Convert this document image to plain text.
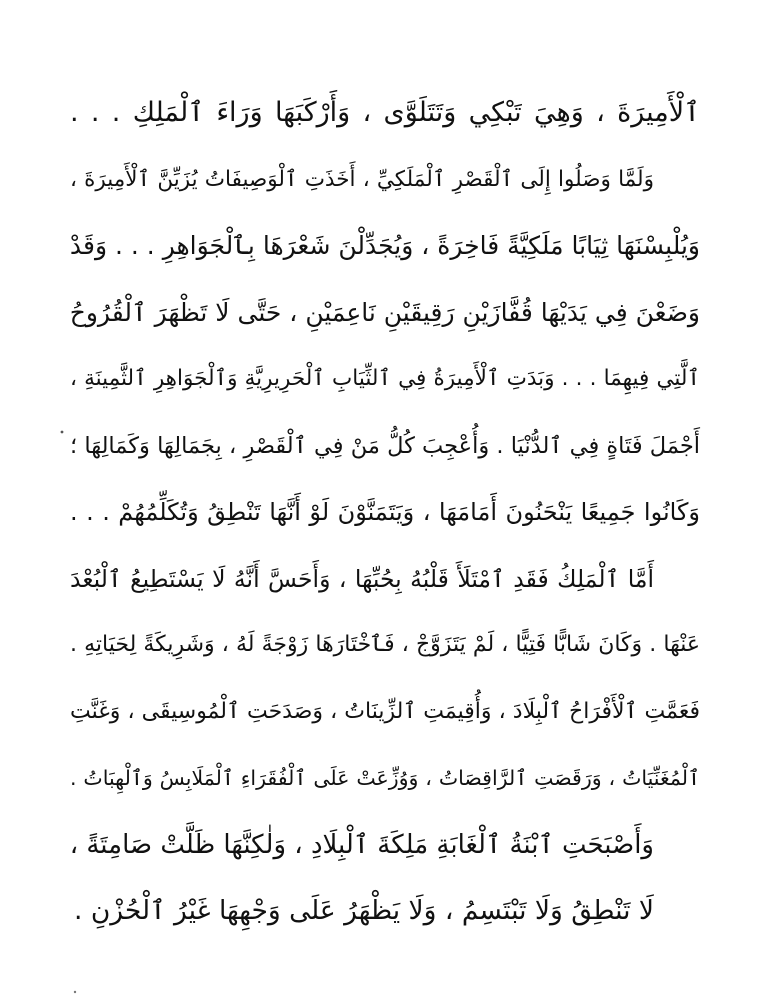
ٱلْأَمِيرَةَ ، وَهِيَ تَبْكِي وَتَتَلَوَّى ، وَأَرْكَبَهَا وَرَاءَ ٱلْمَلِكِ . . .
وَلَمَّا وَصَلُوا إِلَى ٱلْقَصْرِ ٱلْمَلَكِيِّ ، أَخَذَتِ ٱلْوَصِيفَاتُ يُزَيِّنَّ ٱلْأَمِيرَةَ ،
وَيُلْبِسْنَهَا ثِيَابًا مَلَكِيَّةً فَاخِرَةً ، وَيُجَدِّلْنَ شَعْرَهَا بِٱلْجَوَاهِرِ . . . وَقَدْ
وَضَعْنَ فِي يَدَيْهَا قُفَّازَيْنِ رَقِيقَيْنِ نَاعِمَيْنِ ، حَتَّى لَا تَظْهَرَ ٱلْقُرُوحُ
ٱلَّتِي فِيهِمَا . . . وَبَدَتِ ٱلْأَمِيرَةُ فِي ٱلثِّيَابِ ٱلْحَرِيرِيَّةِ وَٱلْجَوَاهِرِ ٱلثَّمِينَةِ ،
أَجْمَلَ فَتَاةٍ فِي ٱلدُّنْيَا . وَأُعْجِبَ كُلُّ مَنْ فِي ٱلْقَصْرِ ، بِجَمَالِهَا وَكَمَالِهَا ؛
وَكَانُوا جَمِيعًا يَنْحَنُونَ أَمَامَهَا ، وَيَتَمَنَّوْنَ لَوْ أَنَّهَا تَنْطِقُ وَتُكَلِّمُهُمْ . . .
أَمَّا ٱلْمَلِكُ فَقَدِ ٱمْتَلَأَ قَلْبُهُ بِحُبِّهَا ، وَأَحَسَّ أَنَّهُ لَا يَسْتَطِيعُ ٱلْبُعْدَ
عَنْهَا . وَكَانَ شَابًّا فَتِيًّا ، لَمْ يَتَزَوَّجْ ، فَٱخْتَارَهَا زَوْجَةً لَهُ ، وَشَرِيكَةً لِحَيَاتِهِ .
فَعَمَّتِ ٱلْأَفْرَاحُ ٱلْبِلَادَ ، وَأُقِيمَتِ ٱلزِّينَاتُ ، وَصَدَحَتِ ٱلْمُوسِيقَى ، وَغَنَّتِ
ٱلْمُغَنِّيَاتُ ، وَرَقَصَتِ ٱلرَّاقِصَاتُ ، وَوُزِّعَتْ عَلَى ٱلْفُقَرَاءِ ٱلْمَلَابِسُ وَٱلْهِبَاتُ .
وَأَصْبَحَتِ ٱبْنَةُ ٱلْغَابَةِ مَلِكَةَ ٱلْبِلَادِ ، وَلٰكِنَّهَا ظَلَّتْ صَامِتَةً ،
لَا تَنْطِقُ وَلَا تَبْتَسِمُ ، وَلَا يَظْهَرُ عَلَى وَجْهِهَا غَيْرُ ٱلْحُزْنِ .
